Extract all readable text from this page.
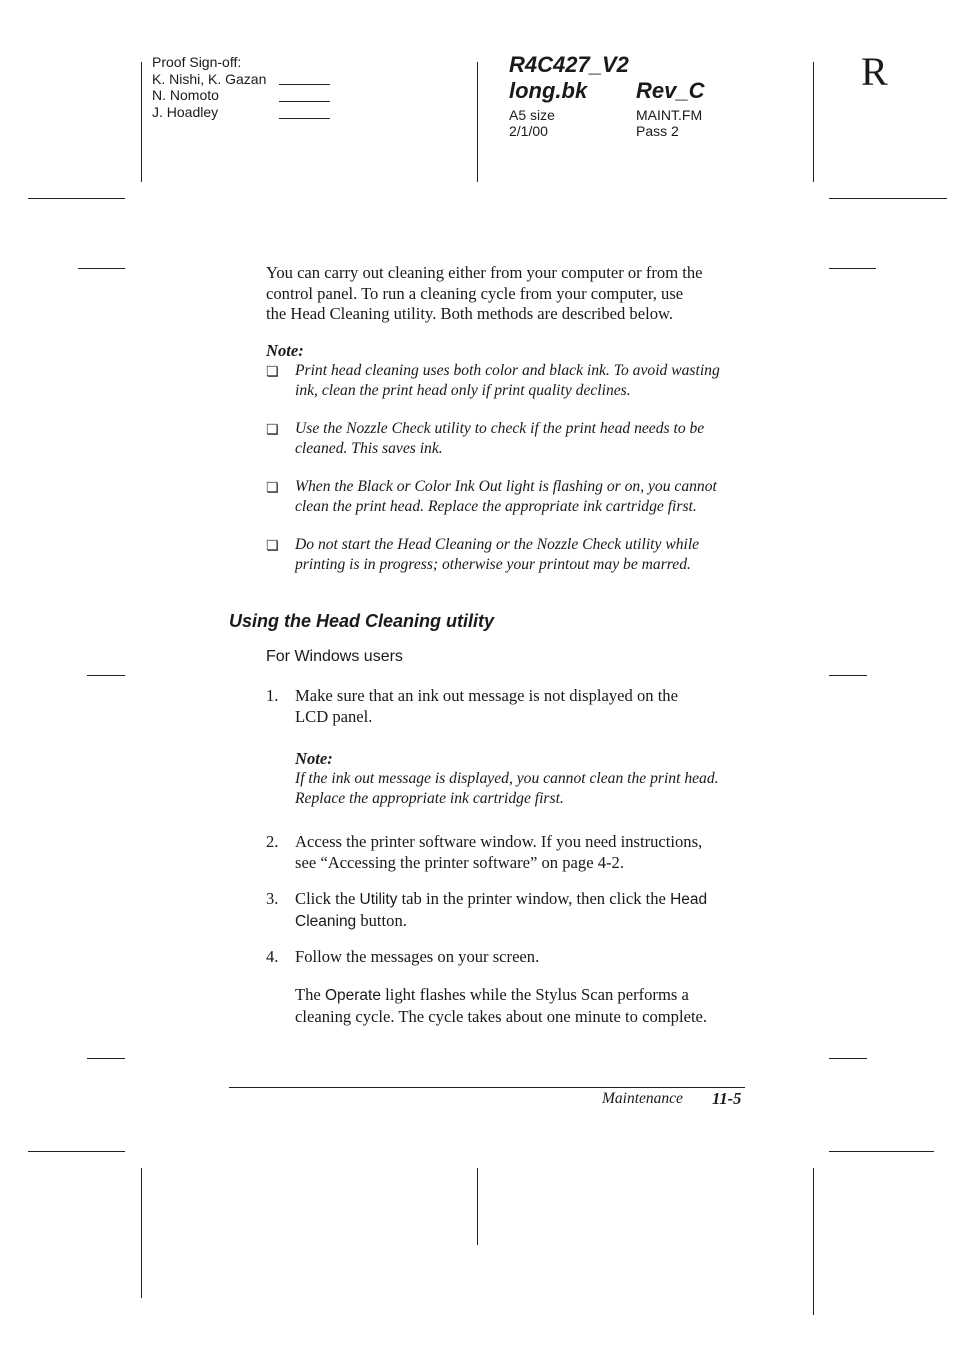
Proof Sign-off:
K. Nishi, K. Gazan
N. Nomoto
J. Hoadley
R4C427_V2
long.bk Rev_C
A5 size
2/1/00
MAINT.FM
Pass 2
R
You can carry out cleaning either from your computer or from the
control panel. To run a cleaning cycle from your computer, use
the Head Cleaning utility. Both methods are described below.
Note:
❏ Print head cleaning uses both color and black ink. To avoid wasting
ink, clean the print head only if print quality declines.
❏ Use the Nozzle Check utility to check if the print head needs to be
cleaned. This saves ink.
❏ When the Black or Color Ink Out light is flashing or on, you cannot
clean the print head. Replace the appropriate ink cartridge first.
❏ Do not start the Head Cleaning or the Nozzle Check utility while
printing is in progress; otherwise your printout may be marred.
Using the Head Cleaning utility
For Windows users
1. Make sure that an ink out message is not displayed on the
LCD panel.
Note:
If the ink out message is displayed, you cannot clean the print head.
Replace the appropriate ink cartridge first.
2. Access the printer software window. If you need instructions,
see “Accessing the printer software” on page 4-2.
3. Click the Utility tab in the printer window, then click the Head
Cleaning button.
4. Follow the messages on your screen.
The Operate light flashes while the Stylus Scan performs a
cleaning cycle. The cycle takes about one minute to complete.
Maintenance 11-5
